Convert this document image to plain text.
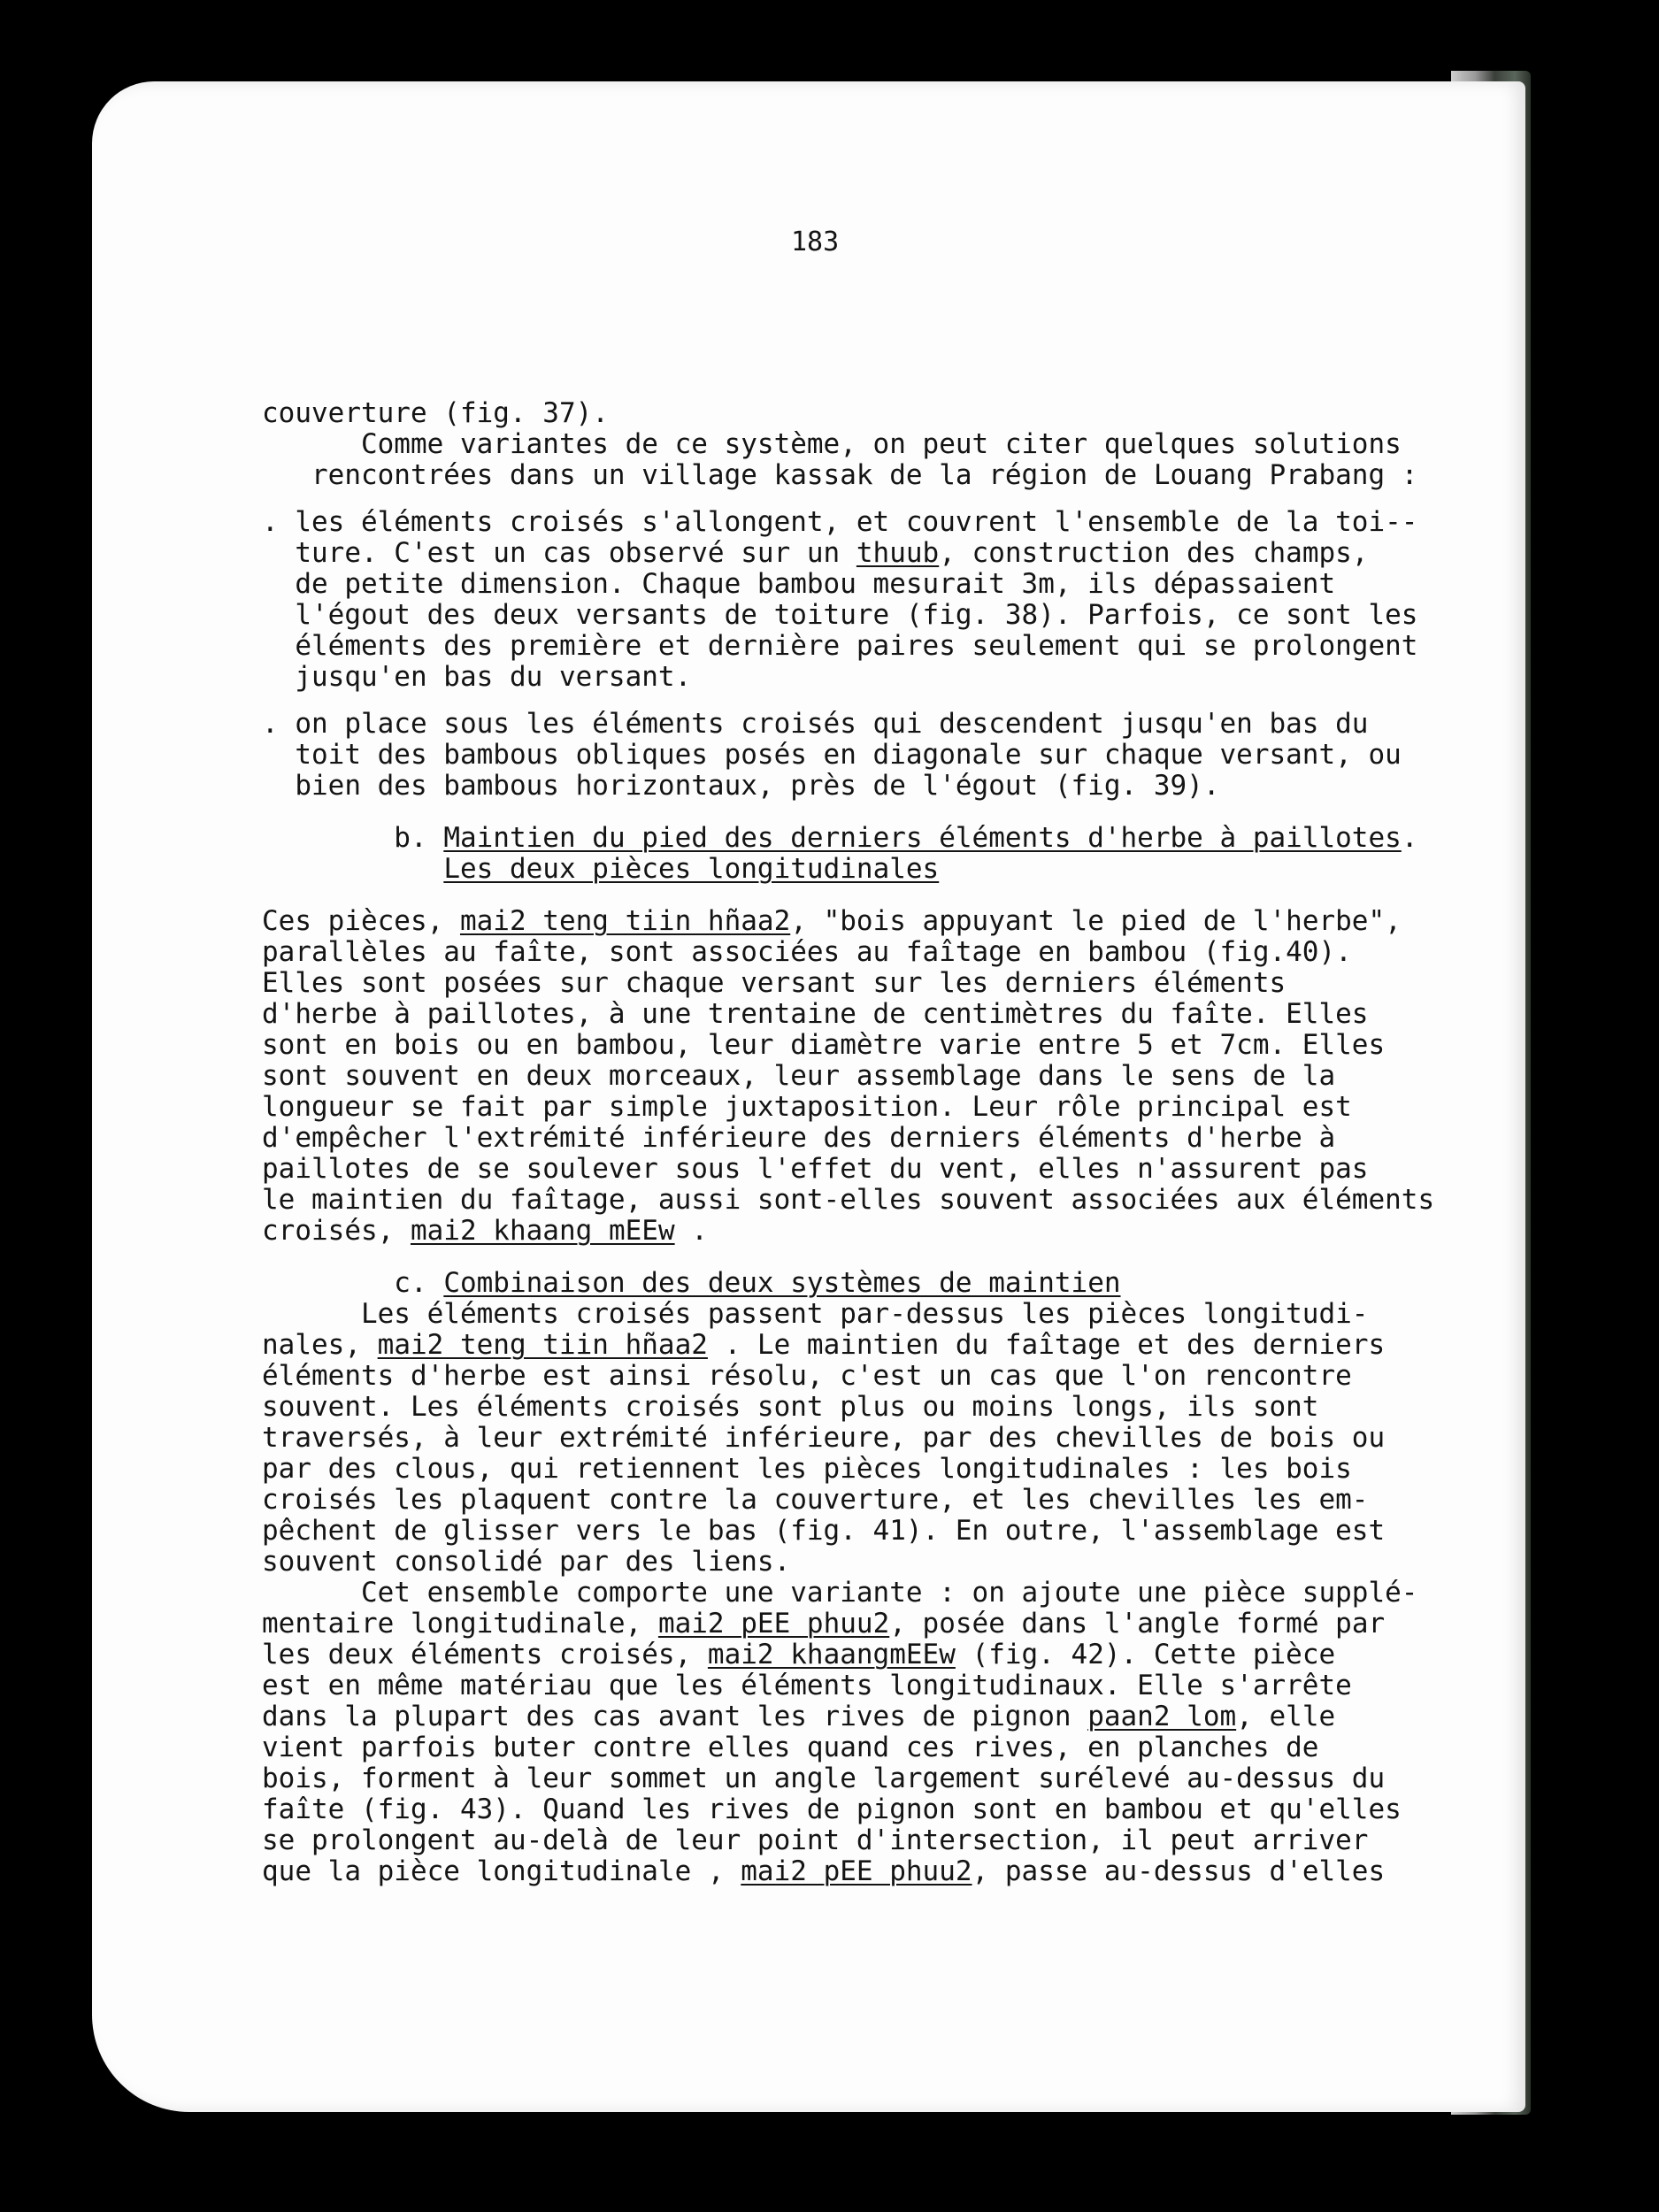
183
couverture (fig. 37).
Comme variantes de ce système, on peut citer quelques solutions
rencontrées dans un village kassak de la région de Louang Prabang :
. les éléments croisés s'allongent, et couvrent l'ensemble de la toi--
ture. C'est un cas observé sur un thuub, construction des champs,
de petite dimension. Chaque bambou mesurait 3m, ils dépassaient
l'égout des deux versants de toiture (fig. 38). Parfois, ce sont les
éléments des première et dernière paires seulement qui se prolongent
jusqu'en bas du versant.
. on place sous les éléments croisés qui descendent jusqu'en bas du
toit des bambous obliques posés en diagonale sur chaque versant, ou
bien des bambous horizontaux, près de l'égout (fig. 39).
b. Maintien du pied des derniers éléments d'herbe à paillotes.
Les deux pièces longitudinales
Ces pièces, mai2 teng tiin hñaa2, "bois appuyant le pied de l'herbe",
parallèles au faîte, sont associées au faîtage en bambou (fig.40).
Elles sont posées sur chaque versant sur les derniers éléments
d'herbe à paillotes, à une trentaine de centimètres du faîte. Elles
sont en bois ou en bambou, leur diamètre varie entre 5 et 7cm. Elles
sont souvent en deux morceaux, leur assemblage dans le sens de la
longueur se fait par simple juxtaposition. Leur rôle principal est
d'empêcher l'extrémité inférieure des derniers éléments d'herbe à
paillotes de se soulever sous l'effet du vent, elles n'assurent pas
le maintien du faîtage, aussi sont-elles souvent associées aux éléments
croisés, mai2 khaang mEEw .
c. Combinaison des deux systèmes de maintien
Les éléments croisés passent par-dessus les pièces longitudi-
nales, mai2 teng tiin hñaa2 . Le maintien du faîtage et des derniers
éléments d'herbe est ainsi résolu, c'est un cas que l'on rencontre
souvent. Les éléments croisés sont plus ou moins longs, ils sont
traversés, à leur extrémité inférieure, par des chevilles de bois ou
par des clous, qui retiennent les pièces longitudinales : les bois
croisés les plaquent contre la couverture, et les chevilles les em-
pêchent de glisser vers le bas (fig. 41). En outre, l'assemblage est
souvent consolidé par des liens.
Cet ensemble comporte une variante : on ajoute une pièce supplé-
mentaire longitudinale, mai2 pEE phuu2, posée dans l'angle formé par
les deux éléments croisés, mai2 khaangmEEw (fig. 42). Cette pièce
est en même matériau que les éléments longitudinaux. Elle s'arrête
dans la plupart des cas avant les rives de pignon paan2 lom, elle
vient parfois buter contre elles quand ces rives, en planches de
bois, forment à leur sommet un angle largement surélevé au-dessus du
faîte (fig. 43). Quand les rives de pignon sont en bambou et qu'elles
se prolongent au-delà de leur point d'intersection, il peut arriver
que la pièce longitudinale , mai2 pEE phuu2, passe au-dessus d'elles
